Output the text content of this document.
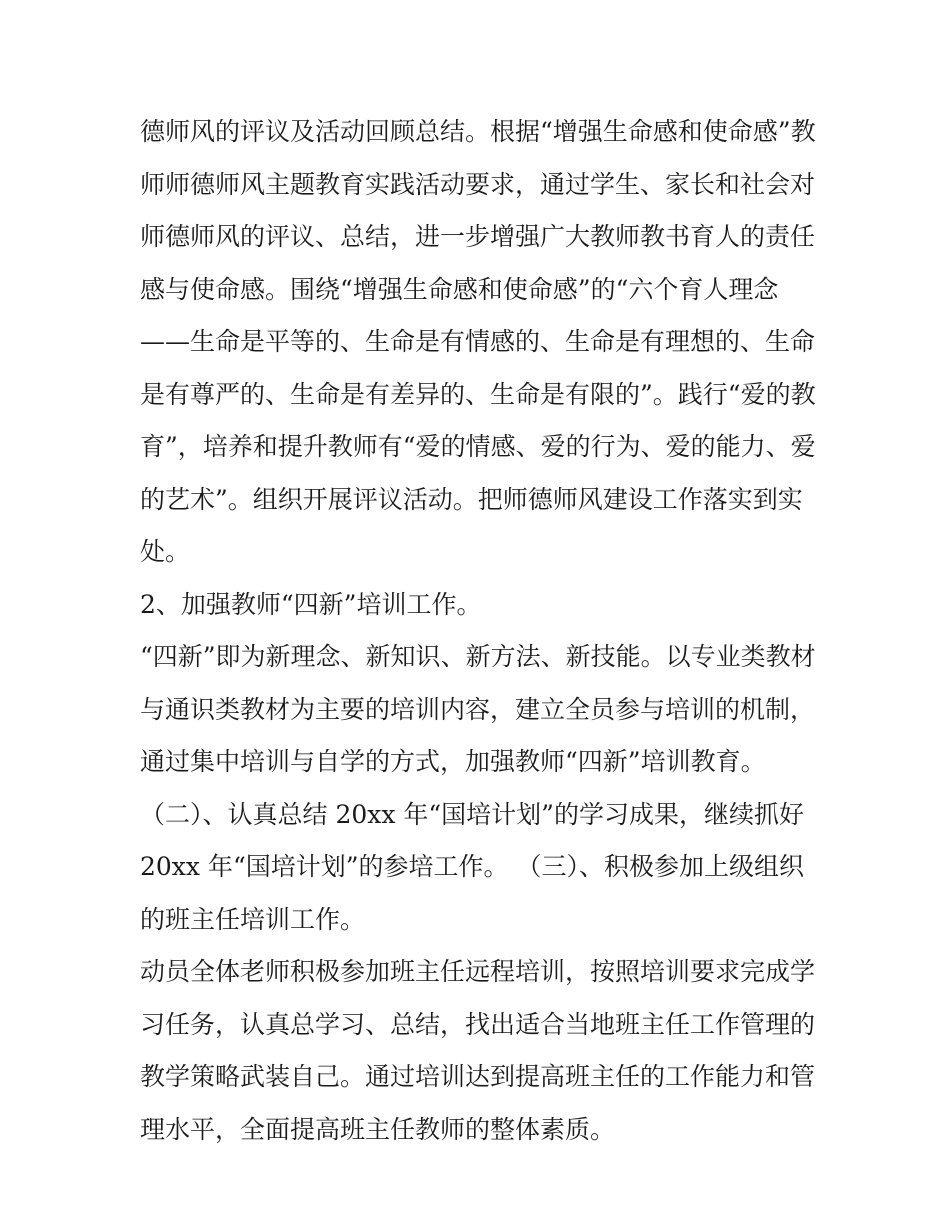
德师风的评议及活动回顾总结。根据“增强生命感和使命感”教
师师德师风主题教育实践活动要求，通过学生、家长和社会对
师德师风的评议、总结，进一步增强广大教师教书育人的责任
感与使命感。围绕“增强生命感和使命感”的“六个育人理念
——生命是平等的、生命是有情感的、生命是有理想的、生命
是有尊严的、生命是有差异的、生命是有限的”。践行“爱的教
育”，培养和提升教师有“爱的情感、爱的行为、爱的能力、爱
的艺术”。组织开展评议活动。把师德师风建设工作落实到实
处。
2、加强教师“四新”培训工作。
“四新”即为新理念、新知识、新方法、新技能。以专业类教材
与通识类教材为主要的培训内容，建立全员参与培训的机制，
通过集中培训与自学的方式，加强教师“四新”培训教育。
（二）、认真总结 20xx 年“国培计划”的学习成果，继续抓好
20xx 年“国培计划”的参培工作。 （三）、积极参加上级组织
的班主任培训工作。
动员全体老师积极参加班主任远程培训，按照培训要求完成学
习任务，认真总学习、总结，找出适合当地班主任工作管理的
教学策略武装自己。通过培训达到提高班主任的工作能力和管
理水平，全面提高班主任教师的整体素质。
